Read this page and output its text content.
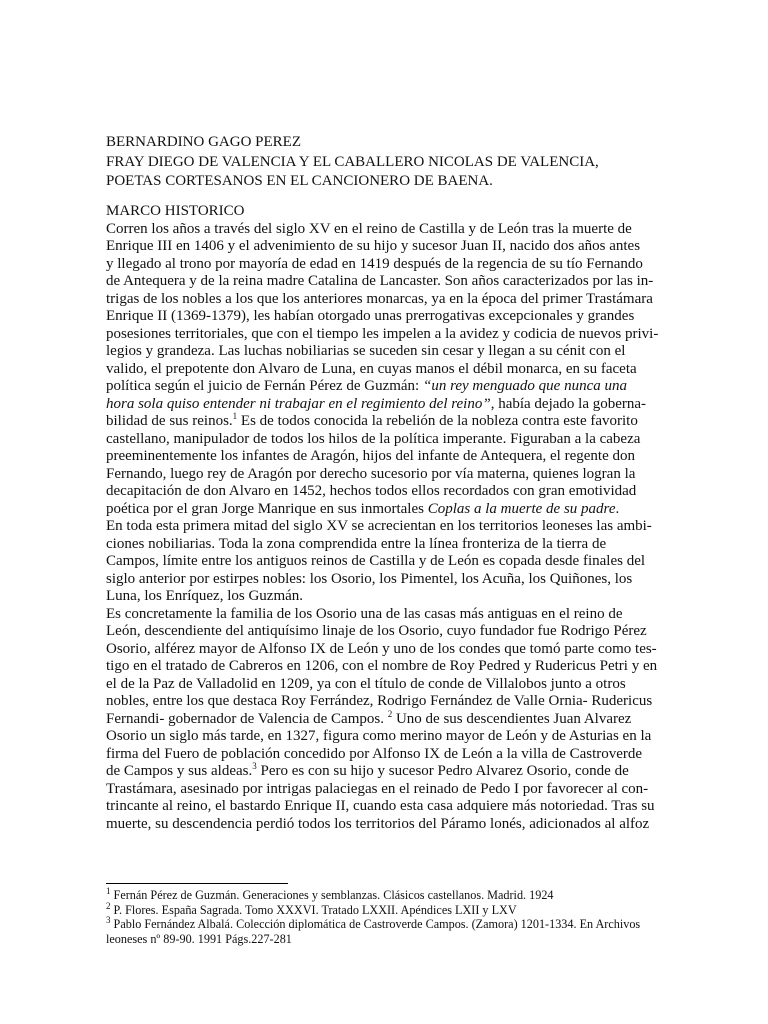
BERNARDINO GAGO PEREZ
FRAY DIEGO DE VALENCIA Y EL CABALLERO NICOLAS DE VALENCIA,
POETAS CORTESANOS EN EL CANCIONERO DE BAENA.
MARCO HISTORICO
Corren los años a través del siglo XV en el reino de Castilla y de León tras la muerte de
Enrique III en 1406 y el advenimiento de su hijo y sucesor Juan II, nacido dos años antes
y llegado al trono por mayoría de edad en 1419 después de la regencia de su tío Fernando
de Antequera y de la reina madre Catalina de Lancaster. Son años caracterizados por las in-
trigas de los nobles a los que los anteriores monarcas, ya en la época del primer Trastámara
Enrique II (1369-1379), les habían otorgado unas prerrogativas excepcionales y grandes
posesiones territoriales, que con el tiempo les impelen a la avidez y codicia de nuevos privi-
legios y grandeza. Las luchas nobiliarias se suceden sin cesar y llegan a su cénit con el
valido, el prepotente don Alvaro de Luna, en cuyas manos el débil monarca, en su faceta
política según el juicio de Fernán Pérez de Guzmán: “un rey menguado que nunca una
hora sola quiso entender ni trabajar en el regimiento del reino”, había dejado la goberna-
bilidad de sus reinos.$^1$ Es de todos conocida la rebelión de la nobleza contra este favorito
castellano, manipulador de todos los hilos de la política imperante. Figuraban a la cabeza
preeminentemente los infantes de Aragón, hijos del infante de Antequera, el regente don
Fernando, luego rey de Aragón por derecho sucesorio por vía materna, quienes logran la
decapitación de don Alvaro en 1452, hechos todos ellos recordados con gran emotividad
poética por el gran Jorge Manrique en sus inmortales Coplas a la muerte de su padre.
En toda esta primera mitad del siglo XV se acrecientan en los territorios leoneses las ambi-
ciones nobiliarias. Toda la zona comprendida entre la línea fronteriza de la tierra de
Campos, límite entre los antiguos reinos de Castilla y de León es copada desde finales del
siglo anterior por estirpes nobles: los Osorio, los Pimentel, los Acuña, los Quiñones, los
Luna, los Enríquez, los Guzmán.
Es concretamente la familia de los Osorio una de las casas más antiguas en el reino de
León, descendiente del antiquísimo linaje de los Osorio, cuyo fundador fue Rodrigo Pérez
Osorio, alférez mayor de Alfonso IX de León y uno de los condes que tomó parte como tes-
tigo en el tratado de Cabreros en 1206, con el nombre de Roy Pedred y Rudericus Petri y en
el de la Paz de Valladolid en 1209, ya con el título de conde de Villalobos junto a otros
nobles, entre los que destaca Roy Ferrández, Rodrigo Fernández de Valle Ornia- Rudericus
Fernandi- gobernador de Valencia de Campos. $^2$ Uno de sus descendientes Juan Alvarez
Osorio un siglo más tarde, en 1327, figura como merino mayor de León y de Asturias en la
firma del Fuero de población concedido por Alfonso IX de León a la villa de Castroverde
de Campos y sus aldeas.$^3$ Pero es con su hijo y sucesor Pedro Alvarez Osorio, conde de
Trastámara, asesinado por intrigas palaciegas en el reinado de Pedo I por favorecer al con-
trincante al reino, el bastardo Enrique II, cuando esta casa adquiere más notoriedad. Tras su
muerte, su descendencia perdió todos los territorios del Páramo lonés, adicionados al alfoz
$^1$ Fernán Pérez de Guzmán. Generaciones y semblanzas. Clásicos castellanos. Madrid. 1924
$^2$ P. Flores. España Sagrada. Tomo XXXVI. Tratado LXXII. Apéndices LXII y LXV
$^3$ Pablo Fernández Albalá. Colección diplomática de Castroverde Campos. (Zamora) 1201-1334. En Archivos
leoneses nº 89-90. 1991 Págs.227-281
